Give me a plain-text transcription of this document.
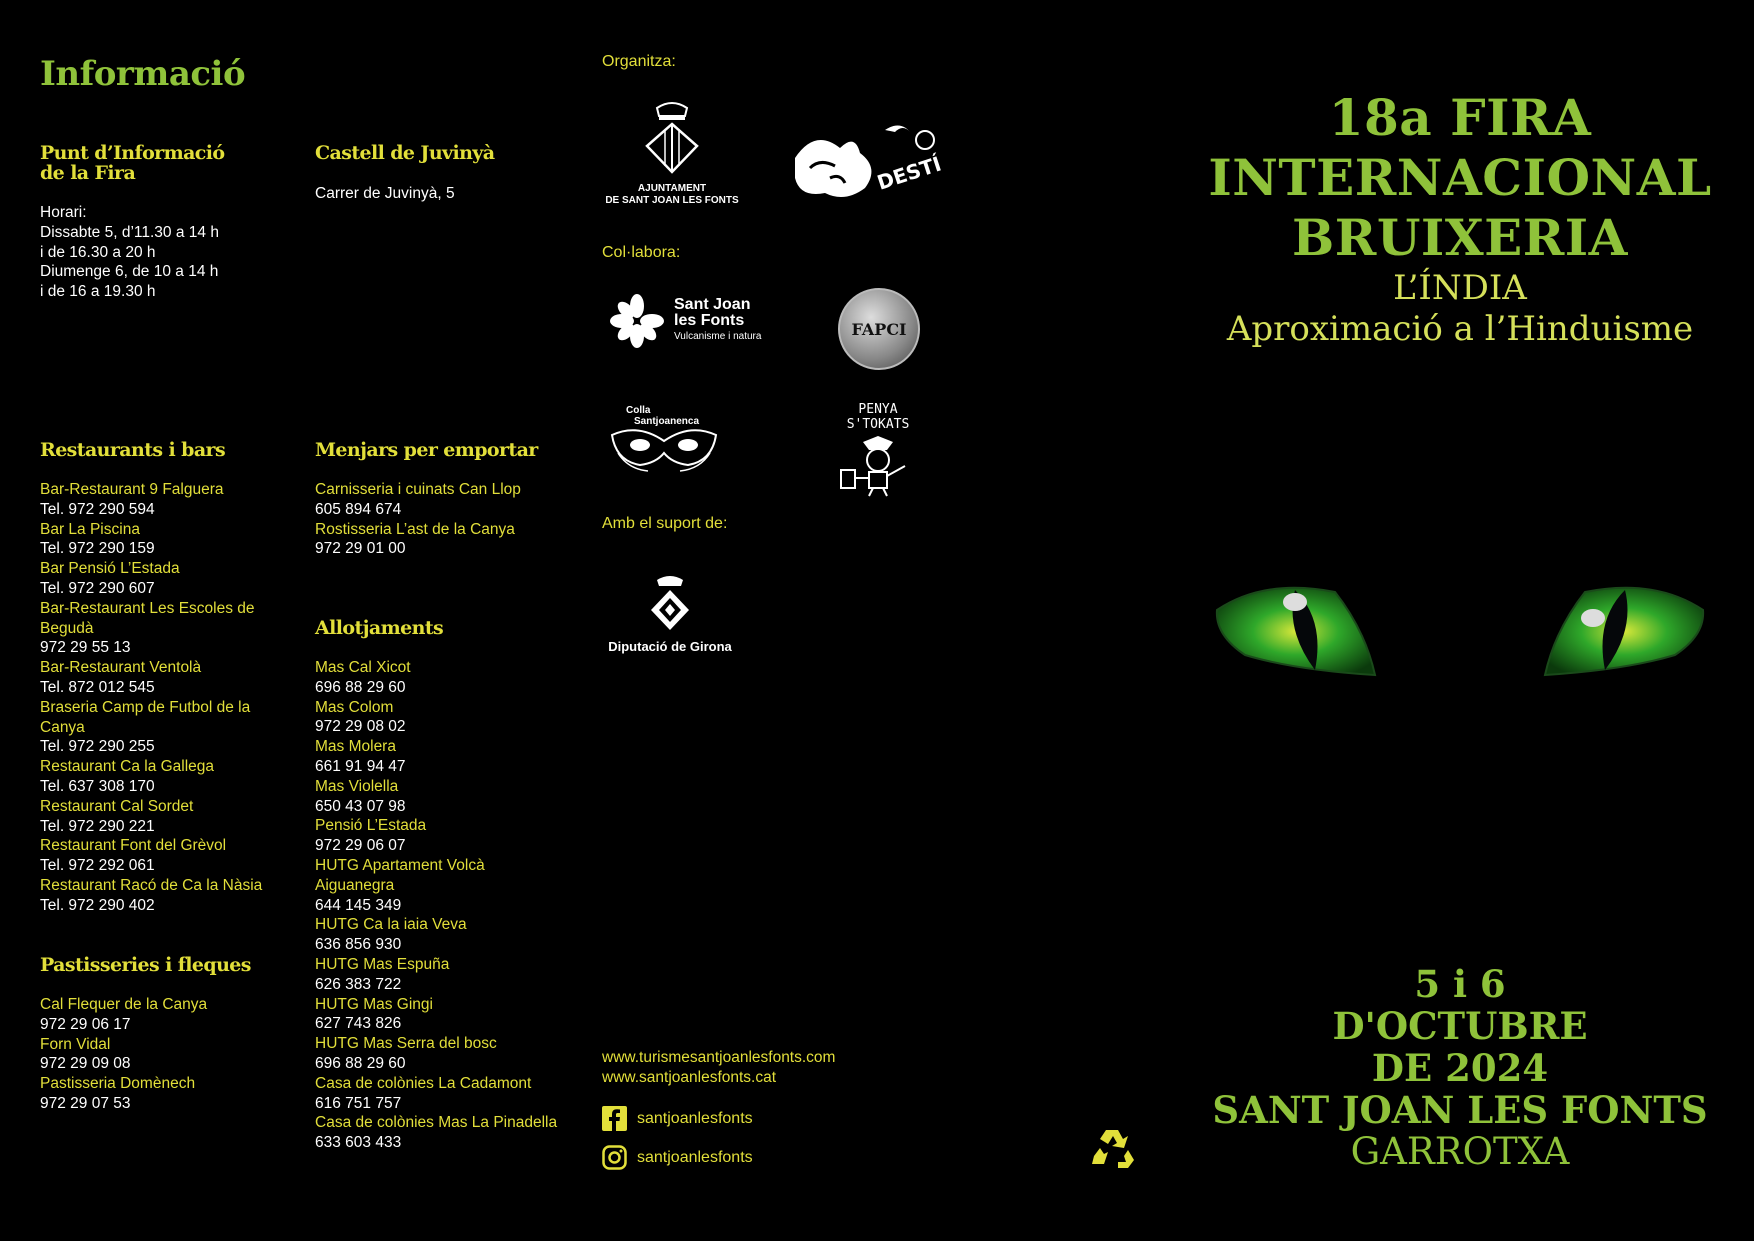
Informació
Punt d’Informació
de la Fira
Horari:
Dissabte 5, d’11.30 a 14 h
i de 16.30 a 20 h
Diumenge 6, de 10 a 14 h
i de 16 a 19.30 h
Castell de Juvinyà
Carrer de Juvinyà, 5
Restaurants i bars
Bar-Restaurant 9 Falguera
Tel. 972 290 594
Bar La Piscina
Tel. 972 290 159
Bar Pensió L’Estada
Tel. 972 290 607
Bar-Restaurant Les Escoles de Begudà
972 29 55 13
Bar-Restaurant Ventolà
Tel. 872 012 545
Braseria Camp de Futbol de la Canya
Tel. 972 290 255
Restaurant Ca la Gallega
Tel. 637 308 170
Restaurant Cal Sordet
Tel. 972 290 221
Restaurant Font del Grèvol
Tel. 972 292 061
Restaurant Racó de Ca la Nàsia
Tel. 972 290 402
Pastisseries i fleques
Cal Flequer de la Canya
972 29 06 17
Forn Vidal
972 29 09 08
Pastisseria Domènech
972 29 07 53
Menjars per emportar
Carnisseria i cuinats Can Llop
605 894 674
Rostisseria L’ast de la Canya
972 29 01 00
Allotjaments
Mas Cal Xicot
696 88 29 60
Mas Colom
972 29 08 02
Mas Molera
661 91 94 47
Mas Violella
650 43 07 98
Pensió L’Estada
972 29 06 07
HUTG Apartament Volcà Aiguanegra
644 145 349
HUTG Ca la iaia Veva
636 856 930
HUTG Mas Espuña
626 383 722
HUTG Mas Gingi
627 743 826
HUTG Mas Serra del bosc
696 88 29 60
Casa de colònies La Cadamont
616 751 757
Casa de colònies Mas La Pinadella
633 603 433
Organitza:
AJUNTAMENT
DE SANT JOAN LES FONTS
DESTÍ
Col·labora:
Sant Joan
les Fonts
Vulcanisme i natura	FAPCI
Colla
Santjoanenca
PENYA
S'TOKATS
Amb el suport de:
Diputació de Girona
www.turismesantjoanlesfonts.com
www.santjoanlesfonts.cat
santjoanlesfonts
santjoanlesfonts
18a FIRA
INTERNACIONAL
BRUIXERIA
L’ÍNDIA
Aproximació a l’Hinduisme
5 i 6
D'OCTUBRE
DE 2024
SANT JOAN LES FONTS
GARROTXA
